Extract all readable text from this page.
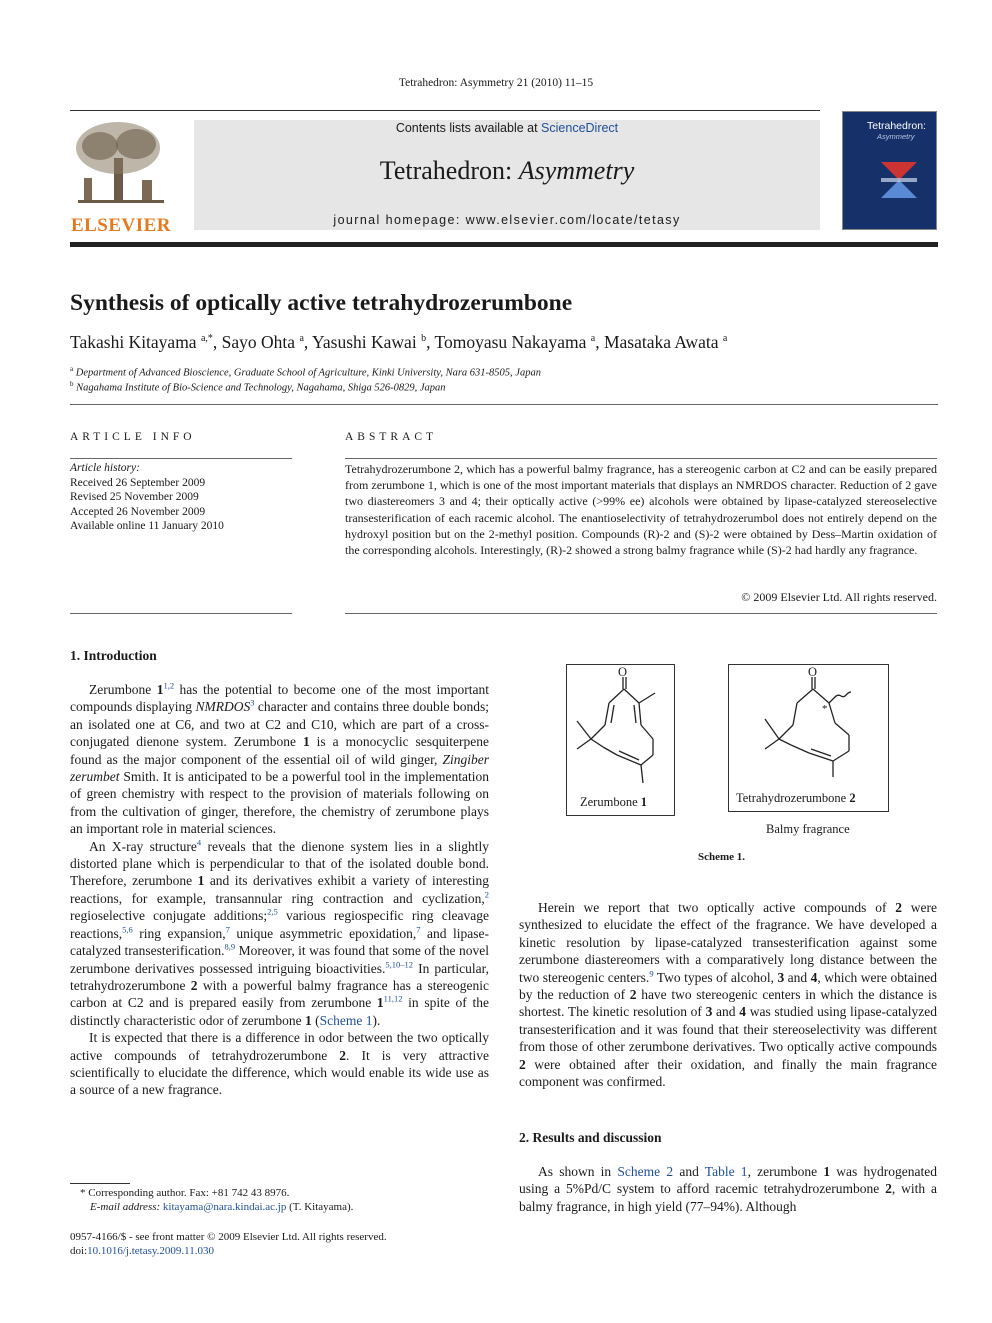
Tetrahedron: Asymmetry 21 (2010) 11–15
ELSEVIER
Contents lists available at ScienceDirect
Tetrahedron: Asymmetry
journal homepage: www.elsevier.com/locate/tetasy
Tetrahedron:
Asymmetry
Synthesis of optically active tetrahydrozerumbone
Takashi Kitayama $^{a,*}$, Sayo Ohta $^a$, Yasushi Kawai $^b$, Tomoyasu Nakayama $^a$, Masataka Awata $^a$
$^a$ Department of Advanced Bioscience, Graduate School of Agriculture, Kinki University, Nara 631-8505, Japan
$^b$ Nagahama Institute of Bio-Science and Technology, Nagahama, Shiga 526-0829, Japan
ARTICLE INFO
Article history:
Received 26 September 2009
Revised 25 November 2009
Accepted 26 November 2009
Available online 11 January 2010
ABSTRACT
Tetrahydrozerumbone 2, which has a powerful balmy fragrance, has a stereogenic carbon at C2 and can be easily prepared from zerumbone 1, which is one of the most important materials that displays an NMRDOS character. Reduction of 2 gave two diastereomers 3 and 4; their optically active (>99% ee) alcohols were obtained by lipase-catalyzed stereoselective transesterification of each racemic alcohol. The enantioselectivity of tetrahydrozerumbol does not entirely depend on the hydroxyl position but on the 2-methyl position. Compounds (R)-2 and (S)-2 were obtained by Dess–Martin oxidation of the corresponding alcohols. Interestingly, (R)-2 showed a strong balmy fragrance while (S)-2 had hardly any fragrance.
© 2009 Elsevier Ltd. All rights reserved.
1. Introduction

Zerumbone 1$^{1,2}$ has the potential to become one of the most important compounds displaying NMRDOS$^3$ character and contains three double bonds; an isolated one at C6, and two at C2 and C10, which are part of a cross-conjugated dienone system. Zerumbone 1 is a monocyclic sesquiterpene found as the major component of the essential oil of wild ginger, Zingiber zerumbet Smith. It is anticipated to be a powerful tool in the implementation of green chemistry with respect to the provision of materials following on from the cultivation of ginger, therefore, the chemistry of zerumbone plays an important role in material sciences.

An X-ray structure$^4$ reveals that the dienone system lies in a slightly distorted plane which is perpendicular to that of the isolated double bond. Therefore, zerumbone 1 and its derivatives exhibit a variety of interesting reactions, for example, transannular ring contraction and cyclization,$^2$ regioselective conjugate additions;$^{2,5}$ various regiospecific ring cleavage reactions,$^{5,6}$ ring expansion,$^7$ unique asymmetric epoxidation,$^7$ and lipase-catalyzed transesterification.$^{8,9}$ Moreover, it was found that some of the novel zerumbone derivatives possessed intriguing bioactivities.$^{5,10-12}$ In particular, tetrahydrozerumbone 2 with a powerful balmy fragrance has a stereogenic carbon at C2 and is prepared easily from zerumbone 1$^{11,12}$ in spite of the distinctly characteristic odor of zerumbone 1 (Scheme 1).

It is expected that there is a difference in odor between the two optically active compounds of tetrahydrozerumbone 2. It is very attractive scientifically to elucidate the difference, which would enable its wide use as a source of a new fragrance.

* Corresponding author. Fax: +81 742 43 8976.
E-mail address: kitayama@nara.kindai.ac.jp (T. Kitayama).
0957-4166/$ - see front matter © 2009 Elsevier Ltd. All rights reserved.
doi:10.1016/j.tetasy.2009.11.030
O
Zerumbone 1
O
*
Tetrahydrozerumbone 2
Balmy fragrance
Scheme 1.

Herein we report that two optically active compounds of 2 were synthesized to elucidate the effect of the fragrance. We have developed a kinetic resolution by lipase-catalyzed transesterification against some zerumbone diastereomers with a comparatively long distance between the two stereogenic centers.$^9$ Two types of alcohol, 3 and 4, which were obtained by the reduction of 2 have two stereogenic centers in which the distance is shortest. The kinetic resolution of 3 and 4 was studied using lipase-catalyzed transesterification and it was found that their stereoselectivity was different from those of other zerumbone derivatives. Two optically active compounds 2 were obtained after their oxidation, and finally the main fragrance component was confirmed.

2. Results and discussion

As shown in Scheme 2 and Table 1, zerumbone 1 was hydrogenated using a 5%Pd/C system to afford racemic tetrahydrozerumbone 2, with a balmy fragrance, in high yield (77–94%). Although
